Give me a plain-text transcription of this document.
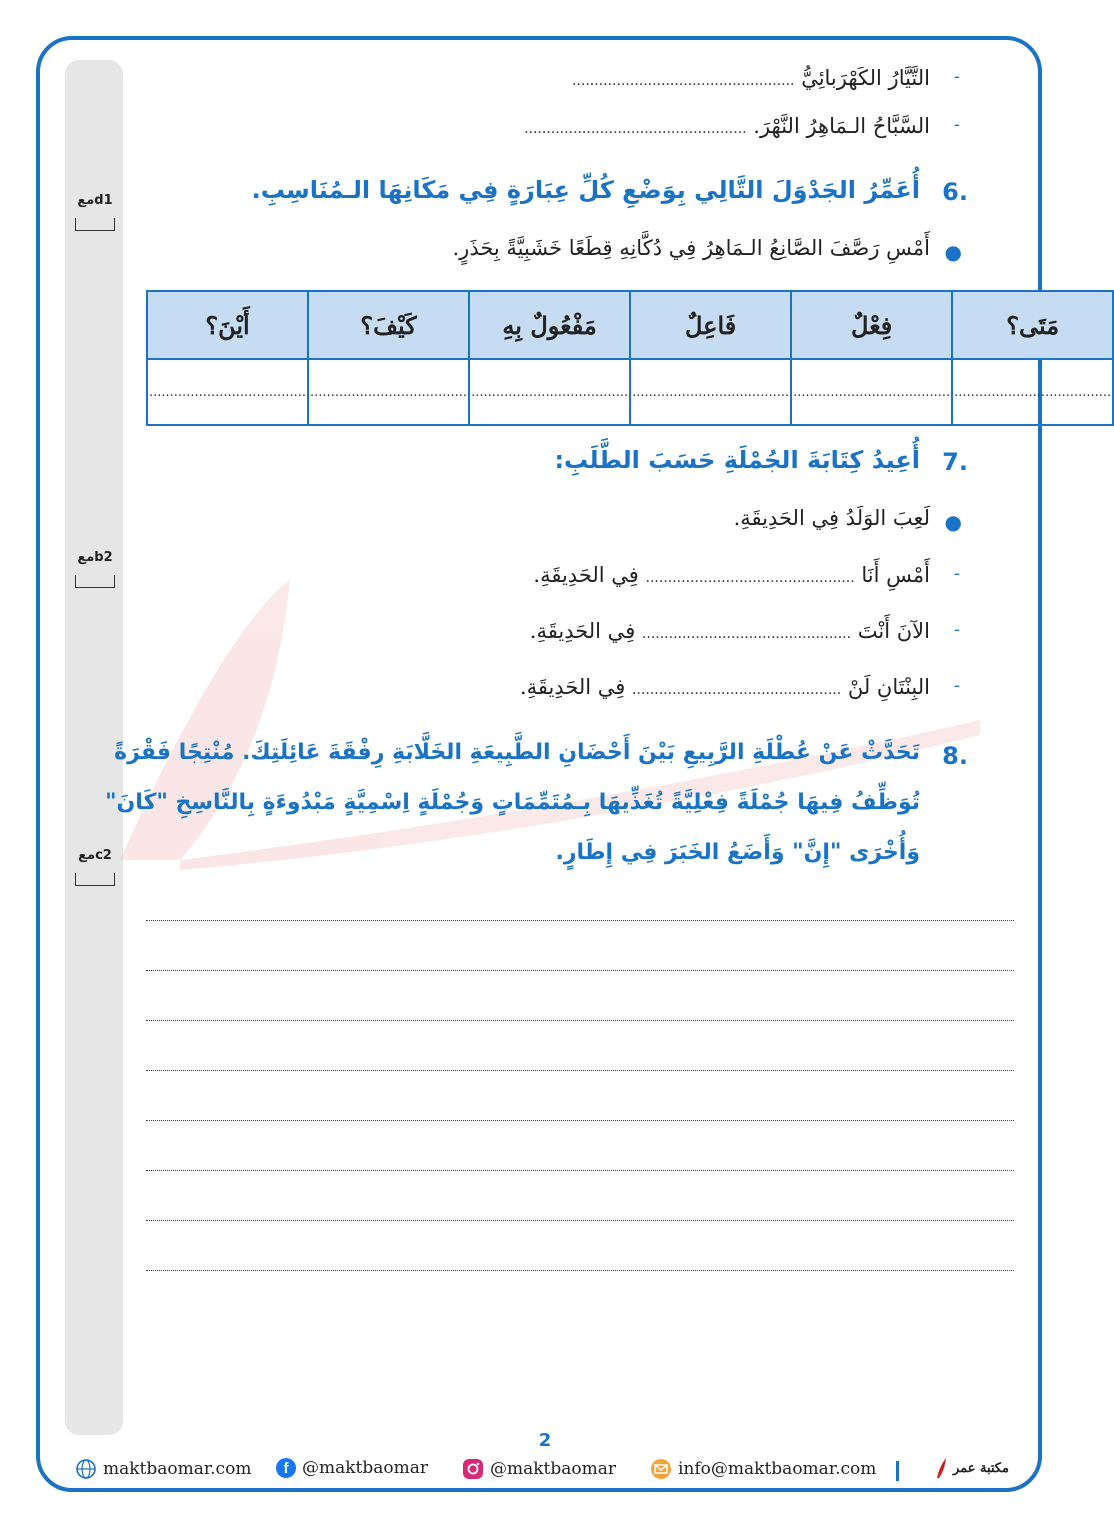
معd1
معb2
معc2
-
التَّيَّارُ الكَهْرَبائِيُّ ..................................................
-
السَّبَّاحُ الـمَاهِرُ النَّهْرَ. ..................................................
.6
أُعَمِّرُ الجَدْوَلَ التَّالِي بِوَضْعِ كُلِّ عِبَارَةٍ فِي مَكَانِهَا الـمُنَاسِبِ.
●
أَمْسِ رَصَّفَ الصَّانِعُ الـمَاهِرُ فِي دُكَّانِهِ قِطَعًا خَشَبِيَّةً بِحَذَرٍ.
مَتَى؟	فِعْلٌ	فَاعِلٌ	مَفْعُولٌ بِهِ	كَيْفَ؟	أَيْنَ؟
......................................	......................................	......................................	......................................	......................................	......................................
.7
أُعِيدُ كِتَابَةَ الجُمْلَةِ حَسَبَ الطَّلَبِ:
●
لَعِبَ الوَلَدُ فِي الحَدِيقَةِ.
-
أَمْسِ أَنَا ............................................... فِي الحَدِيقَةِ.
-
الآنَ أَنْتَ ............................................... فِي الحَدِيقَةِ.
-
البِنْتَانِ لَنْ ............................................... فِي الحَدِيقَةِ.
.8
تَحَدَّثْ عَنْ عُطْلَةِ الرَّبِيعِ بَيْنَ أَحْضَانِ الطَّبِيعَةِ الخَلَّابَةِ رِفْقَةَ عَائِلَتِكَ. مُنْتِجًا فَقْرَةً
تُوَظِّفُ فِيهَا جُمْلَةً فِعْلِيَّةً تُغَذِّيهَا بِـمُتَمِّمَاتٍ وَجُمْلَةٍ اِسْمِيَّةٍ مَبْدُوءَةٍ بِالنَّاسِخِ "كَانَ"
وَأُخْرَى "إِنَّ" وَأَضَعُ الخَبَرَ فِي إِطَارٍ.
2
maktbaomar.com	f @maktbaomar	@maktbaomar	info@maktbaomar.com	مكتبة عمر
